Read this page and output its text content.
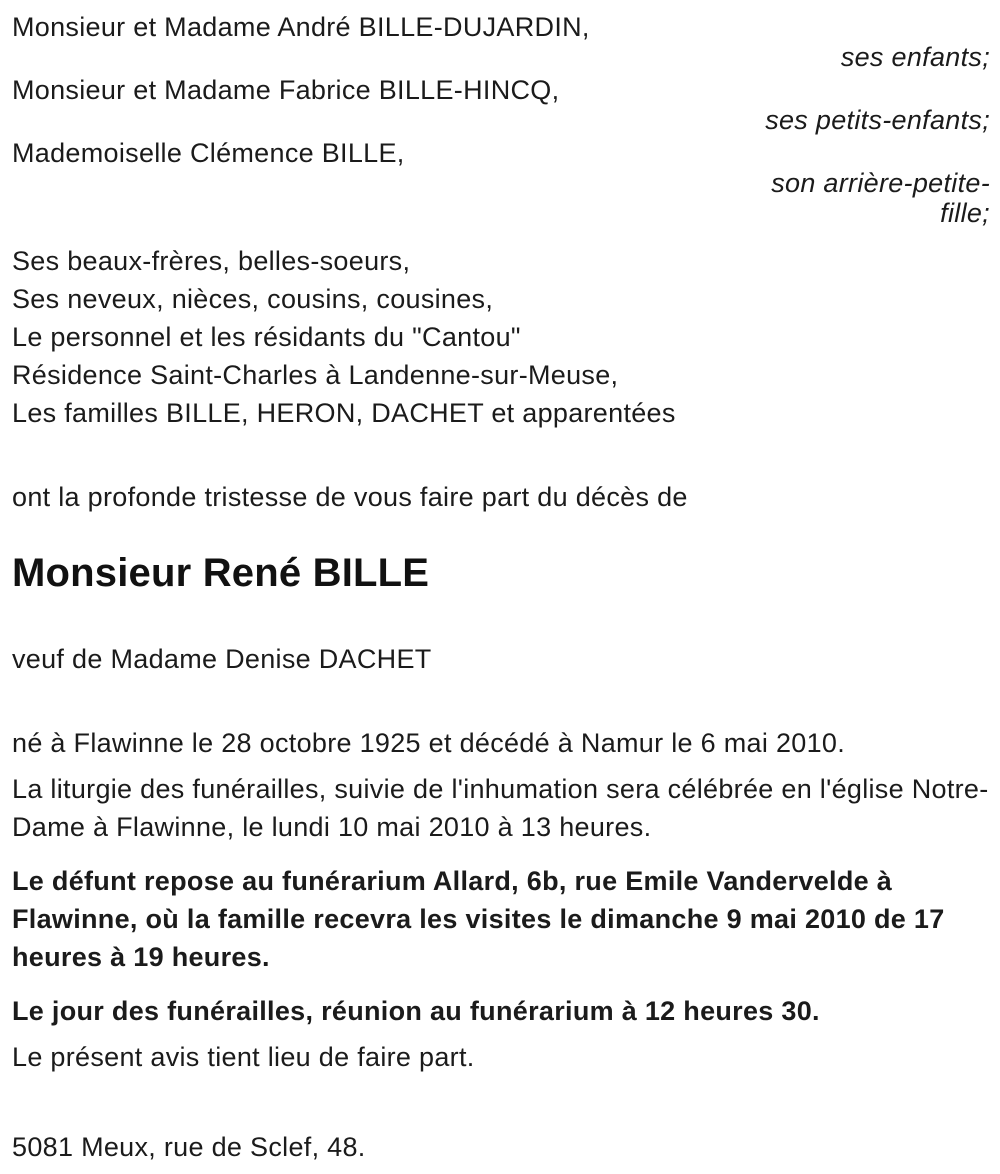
Monsieur et Madame André BILLE-DUJARDIN,
ses enfants;
Monsieur et Madame Fabrice BILLE-HINCQ,
ses petits-enfants;
Mademoiselle Clémence BILLE,
son arrière-petite-fille;
Ses beaux-frères, belles-soeurs,
Ses neveux, nièces, cousins, cousines,
Le personnel et les résidants du "Cantou"
Résidence Saint-Charles à Landenne-sur-Meuse,
Les familles BILLE, HERON, DACHET et apparentées

ont la profonde tristesse de vous faire part du décès de

Monsieur René BILLE

veuf de Madame Denise DACHET

né à Flawinne le 28 octobre 1925 et décédé à Namur le 6 mai 2010.

La liturgie des funérailles, suivie de l'inhumation sera célébrée en l'église Notre-Dame à Flawinne, le lundi 10 mai 2010 à 13 heures.

Le défunt repose au funérarium Allard, 6b, rue Emile Vandervelde à Flawinne, où la famille recevra les visites le dimanche 9 mai 2010 de 17 heures à 19 heures.

Le jour des funérailles, réunion au funérarium à 12 heures 30.

Le présent avis tient lieu de faire part.

5081 Meux, rue de Sclef, 48.
